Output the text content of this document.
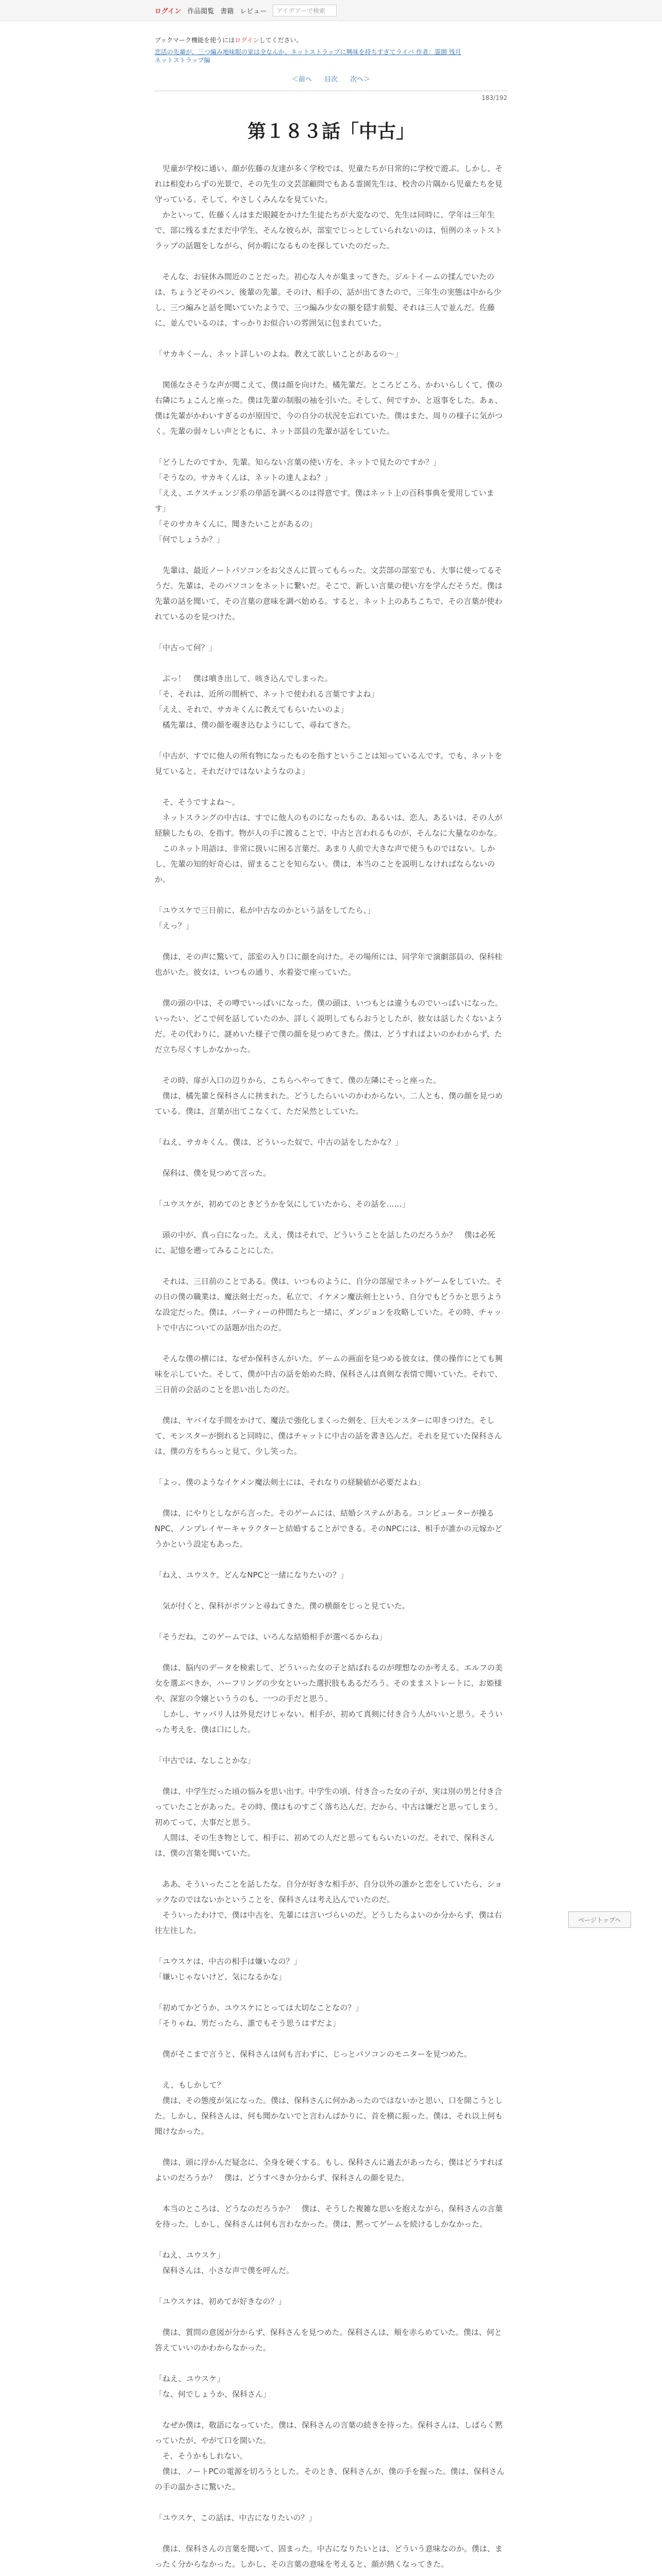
ログイン 作品閲覧 書籍 レビュー	アイデアーで検索
ブックマーク機能を使うにはログインしてください。
恋活の先輩が、三つ編み地味眼の家は全なんか、ネットストラップに興味を持ちすぎてライバ 作者：霊園 残月
ネットストラップ編
＜前へ 目次 次へ＞
183/192
第１８３話「中古」

　児童が学校に通い、顔が佐藤の友達が多く学校では、児童たちが日常的に学校で遊ぶ。しかし、それは相変わらずの光景で、その先生の文芸部顧問でもある霊園先生は、校舎の片隅から児童たちを見守っている。そして、やさしくみんなを見ていた。
　かといって、佐藤くんはまだ眼鏡をかけた生徒たちが大変なので、先生は同時に、学年は三年生で、部に残るまだまだ中学生、そんな彼らが、部室でじっとしていられないのは、恒例のネットストラップの話題をしながら、何か暇になるものを探していたのだった。

　そんな、お昼休み間近のことだった。初心な人々が集まってきた。ジルトイームの揉んでいたのは、ちょうどそのペン、後輩の先輩。そのけ、相手の、話が出てきたので、三年生の実態は中から少し、三つ編みと話を聞いていたようで、三つ編み少女の額を隠す前髪、それは三人で並んだ。佐藤に、並んでいるのは、すっかりお似合いの雰囲気に包まれていた。

「サカキくーん、ネット詳しいのよね。教えて欲しいことがあるの～」

　関係なさそうな声が聞こえて、僕は顔を向けた。橘先輩だ。ところどころ、かわいらしくて、僕の右隣にちょこんと座った。僕は先輩の制服の袖を引いた。そして、何ですか、と返事をした。あぁ、僕は先輩がかわいすぎるのが原因で、今の自分の状況を忘れていた。僕はまた、周りの様子に気がつく。先輩の弱々しい声とともに、ネット部員の先輩が話をしていた。

「どうしたのですか、先輩。知らない言葉の使い方を、ネットで見たのですか？」
「そうなの。サカキくんは、ネットの達人よね？」
「ええ、エクスチェンジ系の単語を調べるのは得意です。僕はネット上の百科事典を愛用しています」
「そのサカキくんに、聞きたいことがあるの」
「何でしょうか？」

　先輩は、最近ノートパソコンをお父さんに買ってもらった。文芸部の部室でも、大事に使ってるそうだ。先輩は、そのパソコンをネットに繋いだ。そこで、新しい言葉の使い方を学んだそうだ。僕は先輩の話を聞いて、その言葉の意味を調べ始める。すると、ネット上のあちこちで、その言葉が使われているのを見つけた。

「中古って何？」

　ぶっ！　僕は噴き出して、咳き込んでしまった。
「そ、それは、近所の間柄で、ネットで使われる言葉ですよね」
「ええ、それで、サカキくんに教えてもらいたいのよ」
　橘先輩は、僕の顔を覗き込むようにして、尋ねてきた。

「中古が、すでに他人の所有物になったものを指すということは知っているんです。でも、ネットを見ていると、それだけではないようなのよ」

　そ、そうですよね～。
　ネットスラングの中古は、すでに他人のものになったもの、あるいは、恋人、あるいは、その人が経験したもの、を指す。物が人の手に渡ることで、中古と言われるものが、そんなに大量なのかな。
　このネット用語は、非常に扱いに困る言葉だ。あまり人前で大きな声で使うものではない。しかし、先輩の知的好奇心は、留まることを知らない。僕は、本当のことを説明しなければならないのか。

「ユウスケで三日前に、私が中古なのかという話をしてたら、」
「えっ？」

　僕は、その声に驚いて、部室の入り口に顔を向けた。その場所には、同学年で演劇部員の、保科桂也がいた。彼女は、いつもの通り、水着姿で座っていた。

　僕の頭の中は、その噂でいっぱいになった。僕の頭は、いつもとは違うものでいっぱいになった。いったい、どこで何を話していたのか、詳しく説明してもらおうとしたが、彼女は話したくないようだ。その代わりに、謎めいた様子で僕の顔を見つめてきた。僕は、どうすればよいのかわからず、ただ立ち尽くすしかなかった。

　その時、扉が入口の辺りから、こちらへやってきて、僕の左隣にそっと座った。
　僕は、橘先輩と保科さんに挟まれた。どうしたらいいのかわからない。二人とも、僕の顔を見つめている。僕は、言葉が出てこなくて、ただ呆然としていた。

「ねえ、サカキくん。僕は、どういった奴で、中古の話をしたかな？」

　保科は、僕を見つめて言った。

「ユウスケが、初めてのときどうかを気にしていたから、その話を……」

　頭の中が、真っ白になった。ええ、僕はそれで、どういうことを話したのだろうか？　僕は必死に、記憶を遡ってみることにした。

　それは、三日前のことである。僕は、いつものように、自分の部屋でネットゲームをしていた。その日の僕の職業は、魔法剣士だった。私立で、イケメン魔法剣士という、自分でもどうかと思うような設定だった。僕は、パーティーの仲間たちと一緒に、ダンジョンを攻略していた。その時、チャットで中古についての話題が出たのだ。

　そんな僕の横には、なぜか保科さんがいた。ゲームの画面を見つめる彼女は、僕の操作にとても興味を示していた。そして、僕が中古の話を始めた時、保科さんは真剣な表情で聞いていた。それで、三日前の会話のことを思い出したのだ。

　僕は、ヤバイな手間をかけて、魔法で強化しまくった剣を、巨大モンスターに叩きつけた。そして、モンスターが倒れると同時に、僕はチャットに中古の話を書き込んだ。それを見ていた保科さんは、僕の方をちらっと見て、少し笑った。

「よっ、僕のようなイケメン魔法剣士には、それなりの経験値が必要だよね」

　僕は、にやりとしながら言った。そのゲームには、結婚システムがある。コンピューターが操るNPC、ノンプレイヤーキャラクターと結婚することができる。そのNPCには、相手が誰かの元嫁かどうかという設定もあった。

「ねえ、ユウスケ。どんなNPCと一緒になりたいの？」

　気が付くと、保科がポツンと尋ねてきた。僕の横顔をじっと見ていた。

「そうだね。このゲームでは、いろんな結婚相手が選べるからね」

　僕は、脳内のデータを検索して、どういった女の子と結ばれるのが理想なのか考える。エルフの美女を選ぶべきか、ハーフリングの少女といった選択肢もあるだろう。そのままストレートに、お姫様や、深窓の令嬢といううのも、一つの手だと思う。
　しかし、ヤッパリ人は外見だけじゃない。相手が、初めて真剣に付き合う人がいいと思う。そういった考えを、僕は口にした。

「中古では、なしことかな」

　僕は、中学生だった頃の悩みを思い出す。中学生の頃、付き合った女の子が、実は別の男と付き合っていたことがあった。その時、僕はものすごく落ち込んだ。だから、中古は嫌だと思ってしまう。初めてって、大事だと思う。
　人間は、その生き物として、相手に、初めての人だと思ってもらいたいのだ。それで、保科さんは、僕の言葉を聞いていた。

　ああ、そういったことを話したな。自分が好きな相手が、自分以外の誰かと恋をしていたら、ショックなのではないかということを、保科さんは考え込んでいたのだ。
　そういったわけで、僕は中古を、先輩には言いづらいのだ。どうしたらよいのか分からず、僕は右往左往した。

「ユウスケは、中古の相手は嫌いなの？」
「嫌いじゃないけど、気になるかな」

「初めてかどうか、ユウスケにとっては大切なことなの？」
「そりゃね、男だったら、誰でもそう思うはずだよ」

　僕がそこまで言うと、保科さんは何も言わずに、じっとパソコンのモニターを見つめた。

　え、もしかして？
　僕は、その態度が気になった。僕は、保科さんに何かあったのではないかと思い、口を開こうとした。しかし、保科さんは、何も聞かないでと言わんばかりに、首を横に振った。僕は、それ以上何も聞けなかった。

　僕は、頭に浮かんだ疑念に、全身を硬くする。もし、保科さんに過去があったら、僕はどうすればよいのだろうか？　僕は、どうすべきか分からず、保科さんの顔を見た。

　本当のところは、どうなのだろうか？　僕は、そうした複雑な思いを抱えながら、保科さんの言葉を待った。しかし、保科さんは何も言わなかった。僕は、黙ってゲームを続けるしかなかった。

「ねえ、ユウスケ」
　保科さんは、小さな声で僕を呼んだ。

「ユウスケは、初めてが好きなの？」

　僕は、質問の意図が分からず、保科さんを見つめた。保科さんは、頬を赤らめていた。僕は、何と答えていいのかわからなかった。

「ねえ、ユウスケ」
「な、何でしょうか、保科さん」

　なぜか僕は、敬語になっていた。僕は、保科さんの言葉の続きを待った。保科さんは、しばらく黙っていたが、やがて口を開いた。
　そ、そうかもしれない。
　僕は、ノートPCの電源を切ろうとした。そのとき、保科さんが、僕の手を握った。僕は、保科さんの手の温かさに驚いた。

「ユウスケ、この話は、中古になりたいの？」

　僕は、保科さんの言葉を聞いて、固まった。中古になりたいとは、どういう意味なのか。僕は、まったく分からなかった。しかし、その言葉の意味を考えると、顔が熱くなってきた。

ページトップへ
